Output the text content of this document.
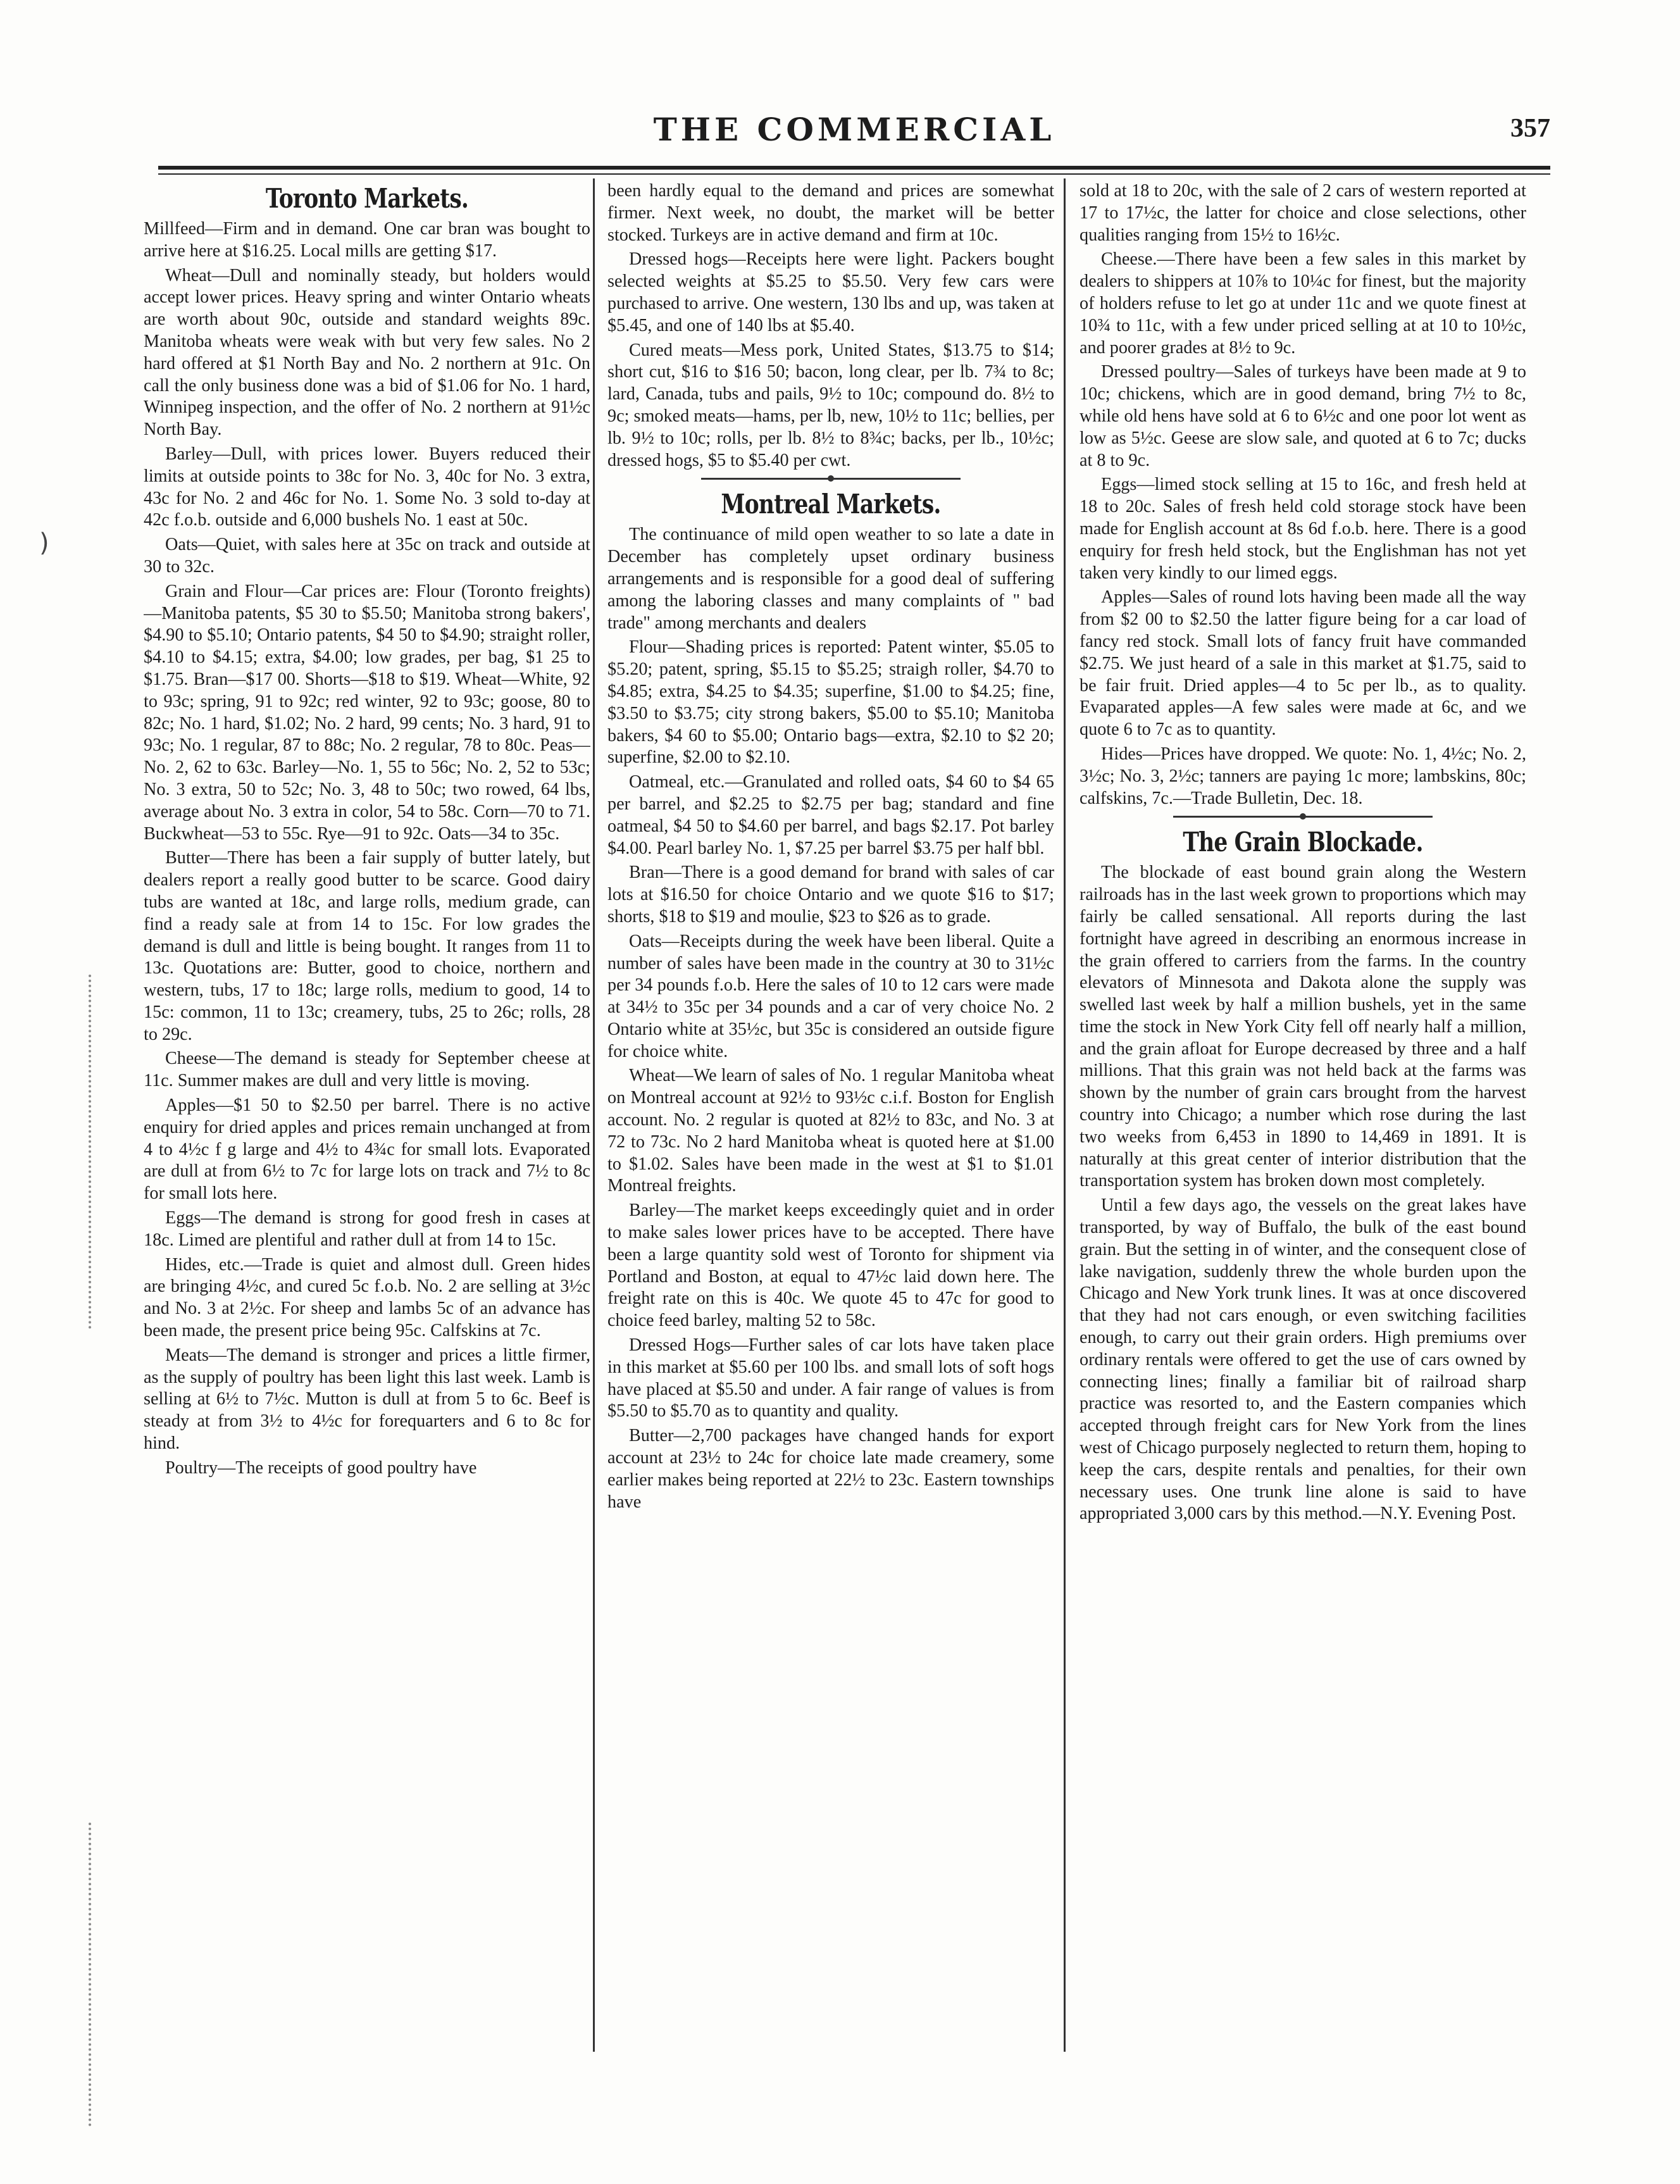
THE COMMERCIAL	357
Toronto Markets.

Millfeed—Firm and in demand. One car bran was bought to arrive here at $16.25. Local mills are getting $17.

Wheat—Dull and nominally steady, but holders would accept lower prices. Heavy spring and winter Ontario wheats are worth about 90c, outside and standard weights 89c. Manitoba wheats were weak with but very few sales. No 2 hard offered at $1 North Bay and No. 2 northern at 91c. On call the only business done was a bid of $1.06 for No. 1 hard, Winnipeg inspection, and the offer of No. 2 northern at 91½c North Bay.

Barley—Dull, with prices lower. Buyers reduced their limits at outside points to 38c for No. 3, 40c for No. 3 extra, 43c for No. 2 and 46c for No. 1. Some No. 3 sold to-day at 42c f.o.b. outside and 6,000 bushels No. 1 east at 50c.

Oats—Quiet, with sales here at 35c on track and outside at 30 to 32c.

Grain and Flour—Car prices are: Flour (Toronto freights)—Manitoba patents, $5 30 to $5.50; Manitoba strong bakers', $4.90 to $5.10; Ontario patents, $4 50 to $4.90; straight roller, $4.10 to $4.15; extra, $4.00; low grades, per bag, $1 25 to $1.75. Bran—$17 00. Shorts—$18 to $19. Wheat—White, 92 to 93c; spring, 91 to 92c; red winter, 92 to 93c; goose, 80 to 82c; No. 1 hard, $1.02; No. 2 hard, 99 cents; No. 3 hard, 91 to 93c; No. 1 regular, 87 to 88c; No. 2 regular, 78 to 80c. Peas—No. 2, 62 to 63c. Barley—No. 1, 55 to 56c; No. 2, 52 to 53c; No. 3 extra, 50 to 52c; No. 3, 48 to 50c; two rowed, 64 lbs, average about No. 3 extra in color, 54 to 58c. Corn—70 to 71. Buckwheat—53 to 55c. Rye—91 to 92c. Oats—34 to 35c.

Butter—There has been a fair supply of butter lately, but dealers report a really good butter to be scarce. Good dairy tubs are wanted at 18c, and large rolls, medium grade, can find a ready sale at from 14 to 15c. For low grades the demand is dull and little is being bought. It ranges from 11 to 13c. Quotations are: Butter, good to choice, northern and western, tubs, 17 to 18c; large rolls, medium to good, 14 to 15c: common, 11 to 13c; creamery, tubs, 25 to 26c; rolls, 28 to 29c.

Cheese—The demand is steady for September cheese at 11c. Summer makes are dull and very little is moving.

Apples—$1 50 to $2.50 per barrel. There is no active enquiry for dried apples and prices remain unchanged at from 4 to 4½c f g large and 4½ to 4¾c for small lots. Evaporated are dull at from 6½ to 7c for large lots on track and 7½ to 8c for small lots here.

Eggs—The demand is strong for good fresh in cases at 18c. Limed are plentiful and rather dull at from 14 to 15c.

Hides, etc.—Trade is quiet and almost dull. Green hides are bringing 4½c, and cured 5c f.o.b. No. 2 are selling at 3½c and No. 3 at 2½c. For sheep and lambs 5c of an advance has been made, the present price being 95c. Calfskins at 7c.

Meats—The demand is stronger and prices a little firmer, as the supply of poultry has been light this last week. Lamb is selling at 6½ to 7½c. Mutton is dull at from 5 to 6c. Beef is steady at from 3½ to 4½c for forequarters and 6 to 8c for hind.

Poultry—The receipts of good poultry have

been hardly equal to the demand and prices are somewhat firmer. Next week, no doubt, the market will be better stocked. Turkeys are in active demand and firm at 10c.

Dressed hogs—Receipts here were light. Packers bought selected weights at $5.25 to $5.50. Very few cars were purchased to arrive. One western, 130 lbs and up, was taken at $5.45, and one of 140 lbs at $5.40.

Cured meats—Mess pork, United States, $13.75 to $14; short cut, $16 to $16 50; bacon, long clear, per lb. 7¾ to 8c; lard, Canada, tubs and pails, 9½ to 10c; compound do. 8½ to 9c; smoked meats—hams, per lb, new, 10½ to 11c; bellies, per lb. 9½ to 10c; rolls, per lb. 8½ to 8¾c; backs, per lb., 10½c; dressed hogs, $5 to $5.40 per cwt.

Montreal Markets.

The continuance of mild open weather to so late a date in December has completely upset ordinary business arrangements and is responsible for a good deal of suffering among the laboring classes and many complaints of " bad trade" among merchants and dealers

Flour—Shading prices is reported: Patent winter, $5.05 to $5.20; patent, spring, $5.15 to $5.25; straigh roller, $4.70 to $4.85; extra, $4.25 to $4.35; superfine, $1.00 to $4.25; fine, $3.50 to $3.75; city strong bakers, $5.00 to $5.10; Manitoba bakers, $4 60 to $5.00; Ontario bags—extra, $2.10 to $2 20; superfine, $2.00 to $2.10.

Oatmeal, etc.—Granulated and rolled oats, $4 60 to $4 65 per barrel, and $2.25 to $2.75 per bag; standard and fine oatmeal, $4 50 to $4.60 per barrel, and bags $2.17. Pot barley $4.00. Pearl barley No. 1, $7.25 per barrel $3.75 per half bbl.

Bran—There is a good demand for brand with sales of car lots at $16.50 for choice Ontario and we quote $16 to $17; shorts, $18 to $19 and moulie, $23 to $26 as to grade.

Oats—Receipts during the week have been liberal. Quite a number of sales have been made in the country at 30 to 31½c per 34 pounds f.o.b. Here the sales of 10 to 12 cars were made at 34½ to 35c per 34 pounds and a car of very choice No. 2 Ontario white at 35½c, but 35c is considered an outside figure for choice white.

Wheat—We learn of sales of No. 1 regular Manitoba wheat on Montreal account at 92½ to 93½c c.i.f. Boston for English account. No. 2 regular is quoted at 82½ to 83c, and No. 3 at 72 to 73c. No 2 hard Manitoba wheat is quoted here at $1.00 to $1.02. Sales have been made in the west at $1 to $1.01 Montreal freights.

Barley—The market keeps exceedingly quiet and in order to make sales lower prices have to be accepted. There have been a large quantity sold west of Toronto for shipment via Portland and Boston, at equal to 47½c laid down here. The freight rate on this is 40c. We quote 45 to 47c for good to choice feed barley, malting 52 to 58c.

Dressed Hogs—Further sales of car lots have taken place in this market at $5.60 per 100 lbs. and small lots of soft hogs have placed at $5.50 and under. A fair range of values is from $5.50 to $5.70 as to quantity and quality.

Butter—2,700 packages have changed hands for export account at 23½ to 24c for choice late made creamery, some earlier makes being reported at 22½ to 23c. Eastern townships have

sold at 18 to 20c, with the sale of 2 cars of western reported at 17 to 17½c, the latter for choice and close selections, other qualities ranging from 15½ to 16½c.

Cheese.—There have been a few sales in this market by dealers to shippers at 10⅞ to 10¼c for finest, but the majority of holders refuse to let go at under 11c and we quote finest at 10¾ to 11c, with a few under priced selling at at 10 to 10½c, and poorer grades at 8½ to 9c.

Dressed poultry—Sales of turkeys have been made at 9 to 10c; chickens, which are in good demand, bring 7½ to 8c, while old hens have sold at 6 to 6½c and one poor lot went as low as 5½c. Geese are slow sale, and quoted at 6 to 7c; ducks at 8 to 9c.

Eggs—limed stock selling at 15 to 16c, and fresh held at 18 to 20c. Sales of fresh held cold storage stock have been made for English account at 8s 6d f.o.b. here. There is a good enquiry for fresh held stock, but the Englishman has not yet taken very kindly to our limed eggs.

Apples—Sales of round lots having been made all the way from $2 00 to $2.50 the latter figure being for a car load of fancy red stock. Small lots of fancy fruit have commanded $2.75. We just heard of a sale in this market at $1.75, said to be fair fruit. Dried apples—4 to 5c per lb., as to quality. Evaparated apples—A few sales were made at 6c, and we quote 6 to 7c as to quantity.

Hides—Prices have dropped. We quote: No. 1, 4½c; No. 2, 3½c; No. 3, 2½c; tanners are paying 1c more; lambskins, 80c; calfskins, 7c.—Trade Bulletin, Dec. 18.

The Grain Blockade.

The blockade of east bound grain along the Western railroads has in the last week grown to proportions which may fairly be called sensational. All reports during the last fortnight have agreed in describing an enormous increase in the grain offered to carriers from the farms. In the country elevators of Minnesota and Dakota alone the supply was swelled last week by half a million bushels, yet in the same time the stock in New York City fell off nearly half a million, and the grain afloat for Europe decreased by three and a half millions. That this grain was not held back at the farms was shown by the number of grain cars brought from the harvest country into Chicago; a number which rose during the last two weeks from 6,453 in 1890 to 14,469 in 1891. It is naturally at this great center of interior distribution that the transportation system has broken down most completely.

Until a few days ago, the vessels on the great lakes have transported, by way of Buffalo, the bulk of the east bound grain. But the setting in of winter, and the consequent close of lake navigation, suddenly threw the whole burden upon the Chicago and New York trunk lines. It was at once discovered that they had not cars enough, or even switching facilities enough, to carry out their grain orders. High premiums over ordinary rentals were offered to get the use of cars owned by connecting lines; finally a familiar bit of railroad sharp practice was resorted to, and the Eastern companies which accepted through freight cars for New York from the lines west of Chicago purposely neglected to return them, hoping to keep the cars, despite rentals and penalties, for their own necessary uses. One trunk line alone is said to have appropriated 3,000 cars by this method.—N.Y. Evening Post.

)
